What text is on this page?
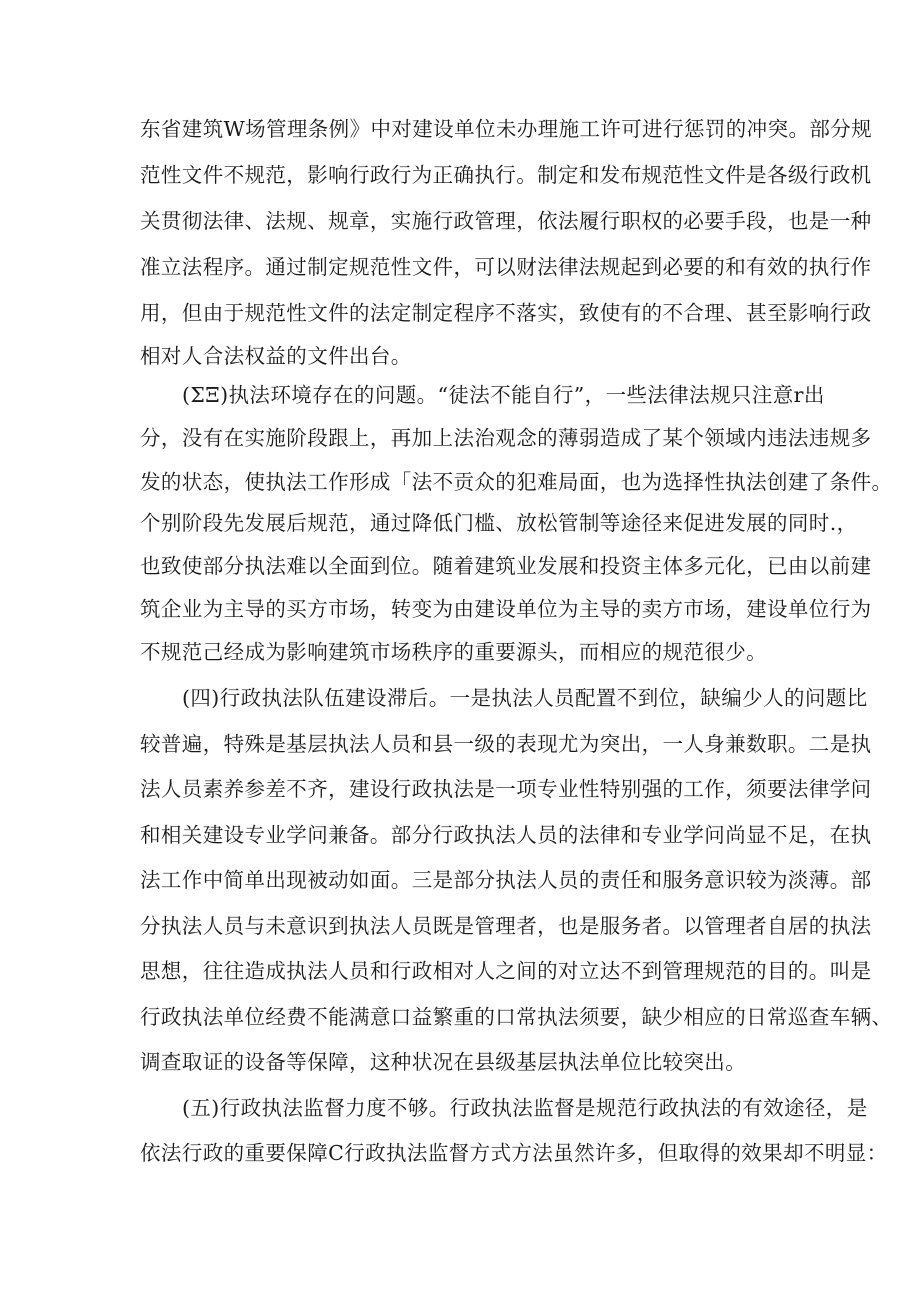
东省建筑W场管理条例》中对建设单位未办理施工许可进行惩罚的冲突。部分规
范性文件不规范，影响行政行为正确执行。制定和发布规范性文件是各级行政机
关贯彻法律、法规、规章，实施行政管理，依法履行职权的必要手段，也是一种
准立法程序。通过制定规范性文件，可以财法律法规起到必要的和有效的执行作
用，但由于规范性文件的法定制定程序不落实，致使有的不合理、甚至影响行政
相对人合法权益的文件出台。
(ΣΞ)执法环境存在的问题。“徒法不能自行”，一些法律法规只注意r出
分，没有在实施阶段跟上，再加上法治观念的薄弱造成了某个领域内违法违规多
发的状态，使执法工作形成「法不贡众的犯难局面，也为选择性执法创建了条件。
个别阶段先发展后规范，通过降低门槛、放松管制等途径来促进发展的同时.，
也致使部分执法难以全面到位。随着建筑业发展和投资主体多元化，已由以前建
筑企业为主导的买方市场，转变为由建设单位为主导的卖方市场，建设单位行为
不规范己经成为影响建筑市场秩序的重要源头，而相应的规范很少。
(四)行政执法队伍建设滞后。一是执法人员配置不到位，缺编少人的问题比
较普遍，特殊是基层执法人员和县一级的表现尤为突出，一人身兼数职。二是执
法人员素养参差不齐，建设行政执法是一项专业性特别强的工作，须要法律学问
和相关建设专业学问兼备。部分行政执法人员的法律和专业学问尚显不足，在执
法工作中简单出现被动如面。三是部分执法人员的责任和服务意识较为淡薄。部
分执法人员与未意识到执法人员既是管理者，也是服务者。以管理者自居的执法
思想，往往造成执法人员和行政相对人之间的对立达不到管理规范的目的。叫是
行政执法单位经费不能满意口益繁重的口常执法须要，缺少相应的日常巡查车辆、
调查取证的设备等保障，这种状况在县级基层执法单位比较突出。
(五)行政执法监督力度不够。行政执法监督是规范行政执法的有效途径，是
依法行政的重要保障C行政执法监督方式方法虽然许多，但取得的效果却不明显：
